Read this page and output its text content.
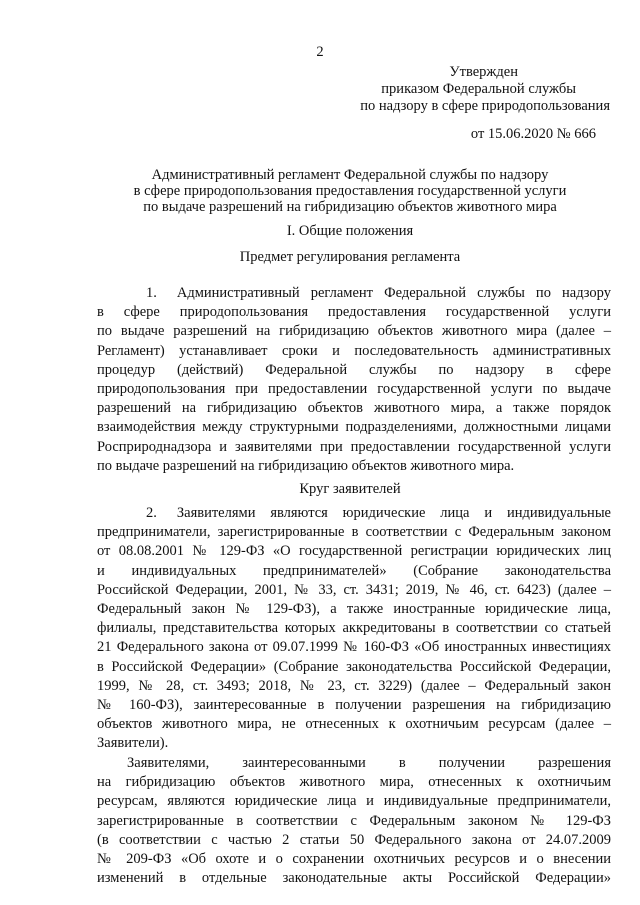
2
Утвержден
приказом Федеральной службы
по надзору в сфере природопользования
от 15.06.2020 № 666
Административный регламент Федеральной службы по надзору
в сфере природопользования предоставления государственной услуги
по выдаче разрешений на гибридизацию объектов животного мира
I. Общие положения
Предмет регулирования регламента
1. Административный регламент Федеральной службы по надзору
в сфере природопользования предоставления государственной услуги
по выдаче разрешений на гибридизацию объектов животного мира (далее –
Регламент) устанавливает сроки и последовательность административных
процедур (действий) Федеральной службы по надзору в сфере
природопользования при предоставлении государственной услуги по выдаче
разрешений на гибридизацию объектов животного мира, а также порядок
взаимодействия между структурными подразделениями, должностными лицами
Росприроднадзора и заявителями при предоставлении государственной услуги
по выдаче разрешений на гибридизацию объектов животного мира.
Круг заявителей
2. Заявителями являются юридические лица и индивидуальные
предприниматели, зарегистрированные в соответствии с Федеральным законом
от 08.08.2001 № 129-ФЗ «О государственной регистрации юридических лиц
и индивидуальных предпринимателей» (Собрание законодательства
Российской Федерации, 2001, № 33, ст. 3431; 2019, № 46, ст. 6423) (далее –
Федеральный закон № 129-ФЗ), а также иностранные юридические лица,
филиалы, представительства которых аккредитованы в соответствии со статьей
21 Федерального закона от 09.07.1999 № 160-ФЗ «Об иностранных инвестициях
в Российской Федерации» (Собрание законодательства Российской Федерации,
1999, № 28, ст. 3493; 2018, № 23, ст. 3229) (далее – Федеральный закон
№ 160-ФЗ), заинтересованные в получении разрешения на гибридизацию
объектов животного мира, не отнесенных к охотничьим ресурсам (далее –
Заявители).
Заявителями, заинтересованными в получении разрешения
на гибридизацию объектов животного мира, отнесенных к охотничьим
ресурсам, являются юридические лица и индивидуальные предприниматели,
зарегистрированные в соответствии с Федеральным законом № 129-ФЗ
(в соответствии с частью 2 статьи 50 Федерального закона от 24.07.2009
№ 209-ФЗ «Об охоте и о сохранении охотничьих ресурсов и о внесении
изменений в отдельные законодательные акты Российской Федерации»
